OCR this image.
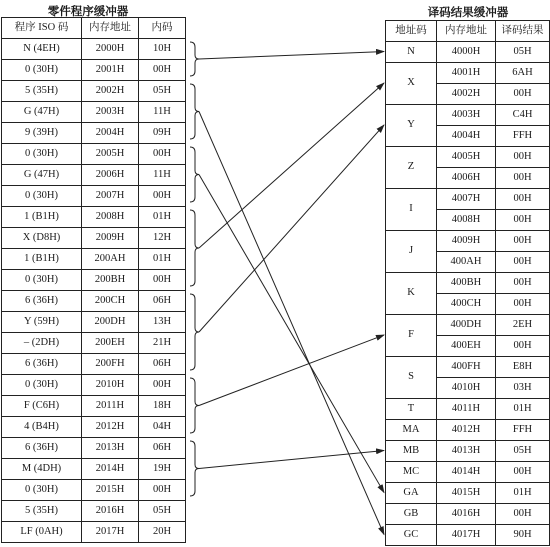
零件程序缓冲器	译码结果缓冲器
程序 ISO 码	内存地址	内码
N (4EH)	2000H	10H
0 (30H)	2001H	00H
5 (35H)	2002H	05H
G (47H)	2003H	11H
9 (39H)	2004H	09H
0 (30H)	2005H	00H
G (47H)	2006H	11H
0 (30H)	2007H	00H
1 (B1H)	2008H	01H
X (D8H)	2009H	12H
1 (B1H)	200AH	01H
0 (30H)	200BH	00H
6 (36H)	200CH	06H
Y (59H)	200DH	13H
– (2DH)	200EH	21H
6 (36H)	200FH	06H
0 (30H)	2010H	00H
F (C6H)	2011H	18H
4 (B4H)	2012H	04H
6 (36H)	2013H	06H
M (4DH)	2014H	19H
0 (30H)	2015H	00H
5 (35H)	2016H	05H
LF (0AH)	2017H	20H
地址码	内存地址	译码结果
N	4000H	05H
X	4001H	6AH
	4002H	00H
Y	4003H	C4H
	4004H	FFH
Z	4005H	00H
	4006H	00H
I	4007H	00H
	4008H	00H
J	4009H	00H
	400AH	00H
K	400BH	00H
	400CH	00H
F	400DH	2EH
	400EH	00H
S	400FH	E8H
	4010H	03H
T	4011H	01H
MA	4012H	FFH
MB	4013H	05H
MC	4014H	00H
GA	4015H	01H
GB	4016H	00H
GC	4017H	90H
